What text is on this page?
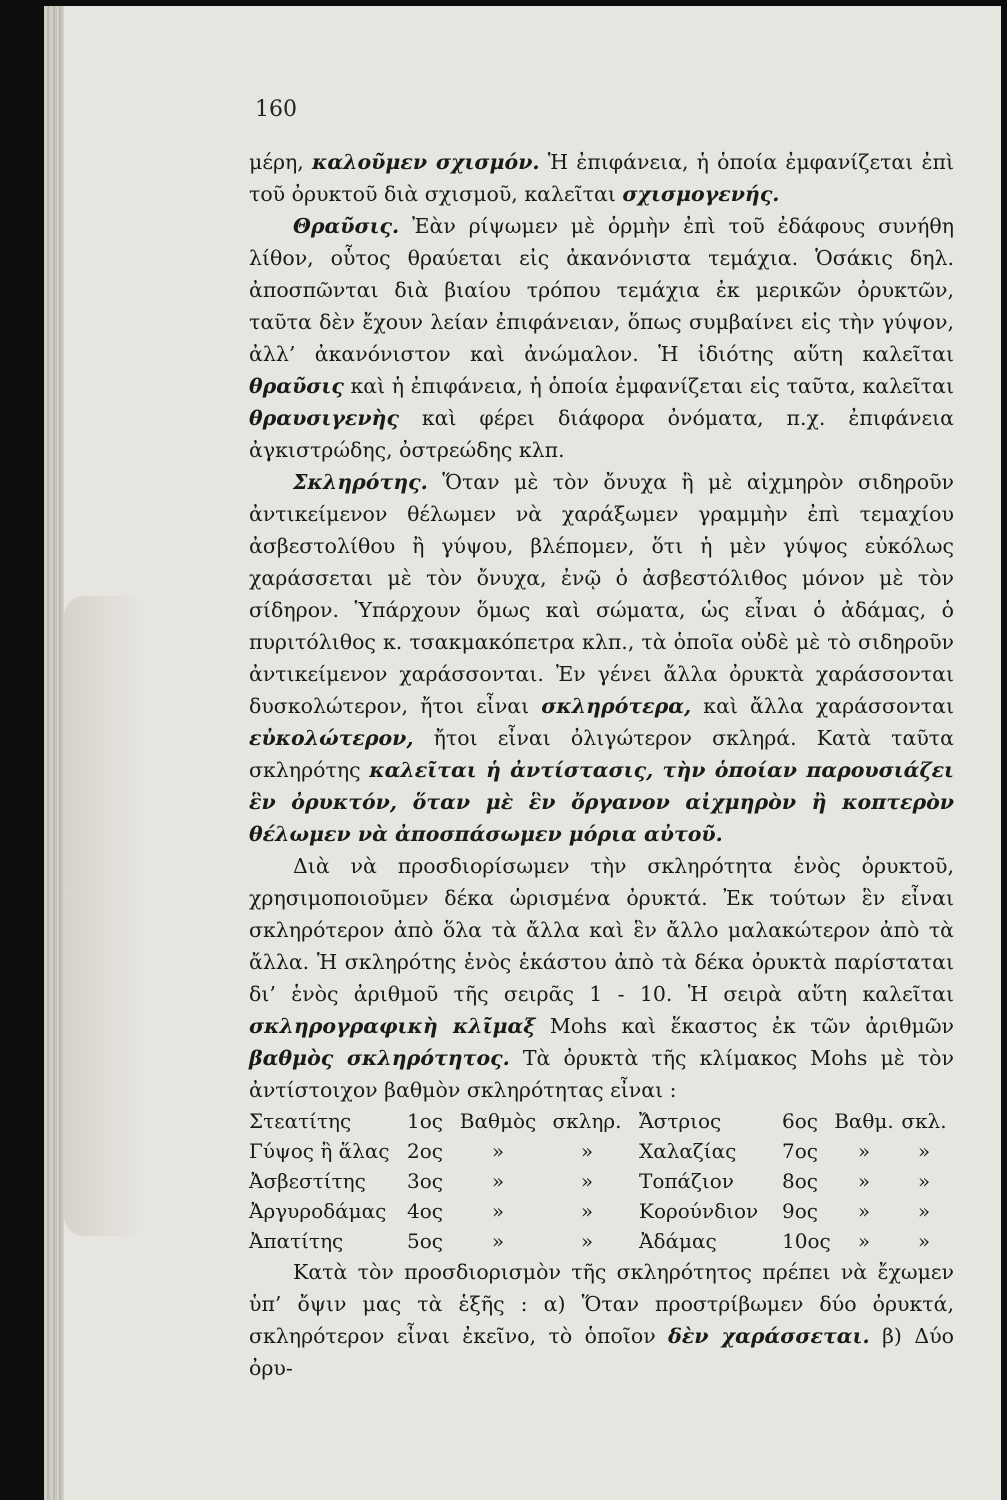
160

μέρη, καλοῦμεν σχισμόν. Ἡ ἐπιφάνεια, ἡ ὁποία ἐμφανίζεται ἐπὶ τοῦ ὀρυκτοῦ διὰ σχισμοῦ, καλεῖται σχισμογενής.

Θραῦσις. Ἐὰν ρίψωμεν μὲ ὁρμὴν ἐπὶ τοῦ ἐδάφους συνήθη λίθον, οὗτος θραύεται εἰς ἀκανόνιστα τεμάχια. Ὁσάκις δηλ. ἀποσπῶνται διὰ βιαίου τρόπου τεμάχια ἐκ μερικῶν ὀρυκτῶν, ταῦτα δὲν ἔχουν λείαν ἐπιφάνειαν, ὅπως συμβαίνει εἰς τὴν γύψον, ἀλλ’ ἀκανόνιστον καὶ ἀνώμαλον. Ἡ ἰδιότης αὕτη καλεῖται θραῦσις καὶ ἡ ἐπιφάνεια, ἡ ὁποία ἐμφανίζεται εἰς ταῦτα, καλεῖται θραυσιγενὴς καὶ φέρει διάφορα ὀνόματα, π.χ. ἐπιφάνεια ἀγκιστρώδης, ὀστρεώδης κλπ.

Σκληρότης. Ὅταν μὲ τὸν ὄνυχα ἢ μὲ αἰχμηρὸν σιδηροῦν ἀντικείμενον θέλωμεν νὰ χαράξωμεν γραμμὴν ἐπὶ τεμαχίου ἀσβεστολίθου ἢ γύψου, βλέπομεν, ὅτι ἡ μὲν γύψος εὐκόλως χαράσσεται μὲ τὸν ὄνυχα, ἐνῷ ὁ ἀσβεστόλιθος μόνον μὲ τὸν σίδηρον. Ὑπάρχουν ὅμως καὶ σώματα, ὡς εἶναι ὁ ἀδάμας, ὁ πυριτόλιθος κ. τσακμακόπετρα κλπ., τὰ ὁποῖα οὐδὲ μὲ τὸ σιδηροῦν ἀντικείμενον χαράσσονται. Ἐν γένει ἄλλα ὀρυκτὰ χαράσσονται δυσκολώτερον, ἤτοι εἶναι σκληρότερα, καὶ ἄλλα χαράσσονται εὐκολώτερον, ἤτοι εἶναι ὀλιγώτερον σκληρά. Κατὰ ταῦτα σκληρότης καλεῖται ἡ ἀντίστασις, τὴν ὁποίαν παρουσιάζει ἓν ὀρυκτόν, ὅταν μὲ ἓν ὄργανον αἰχμηρὸν ἢ κοπτερὸν θέλωμεν νὰ ἀποσπάσωμεν μόρια αὐτοῦ.

Διὰ νὰ προσδιορίσωμεν τὴν σκληρότητα ἑνὸς ὀρυκτοῦ, χρησιμοποιοῦμεν δέκα ὡρισμένα ὀρυκτά. Ἐκ τούτων ἓν εἶναι σκληρότερον ἀπὸ ὅλα τὰ ἄλλα καὶ ἓν ἄλλο μαλακώτερον ἀπὸ τὰ ἄλλα. Ἡ σκληρότης ἑνὸς ἑκάστου ἀπὸ τὰ δέκα ὀρυκτὰ παρίσταται δι’ ἑνὸς ἀριθμοῦ τῆς σειρᾶς 1 - 10. Ἡ σειρὰ αὕτη καλεῖται σκληρογραφικὴ κλῖμαξ Mohs καὶ ἕκαστος ἐκ τῶν ἀριθμῶν βαθμὸς σκληρότητος. Τὰ ὀρυκτὰ τῆς κλίμακος Mohs μὲ τὸν ἀντίστοιχον βαθμὸν σκληρότητας εἶναι :

Στεατίτης	1ος	Βαθμὸς	σκληρ.	Ἄστριος	6ος	Βαθμ.	σκλ.
Γύψος ἢ ἅλας	2ος	»	»	Χαλαζίας	7ος	»	»
Ἀσβεστίτης	3ος	»	»	Τοπάζιον	8ος	»	»
Ἀργυροδάμας	4ος	»	»	Κορούνδιον	9ος	»	»
Ἀπατίτης	5ος	»	»	Ἀδάμας	10ος	»	»

Κατὰ τὸν προσδιορισμὸν τῆς σκληρότητος πρέπει νὰ ἔχωμεν ὑπ’ ὄψιν μας τὰ ἑξῆς : α) Ὅταν προστρίβωμεν δύο ὀρυκτά, σκληρότερον εἶναι ἐκεῖνο, τὸ ὁποῖον δὲν χαράσσεται. β) Δύο ὀρυ-
